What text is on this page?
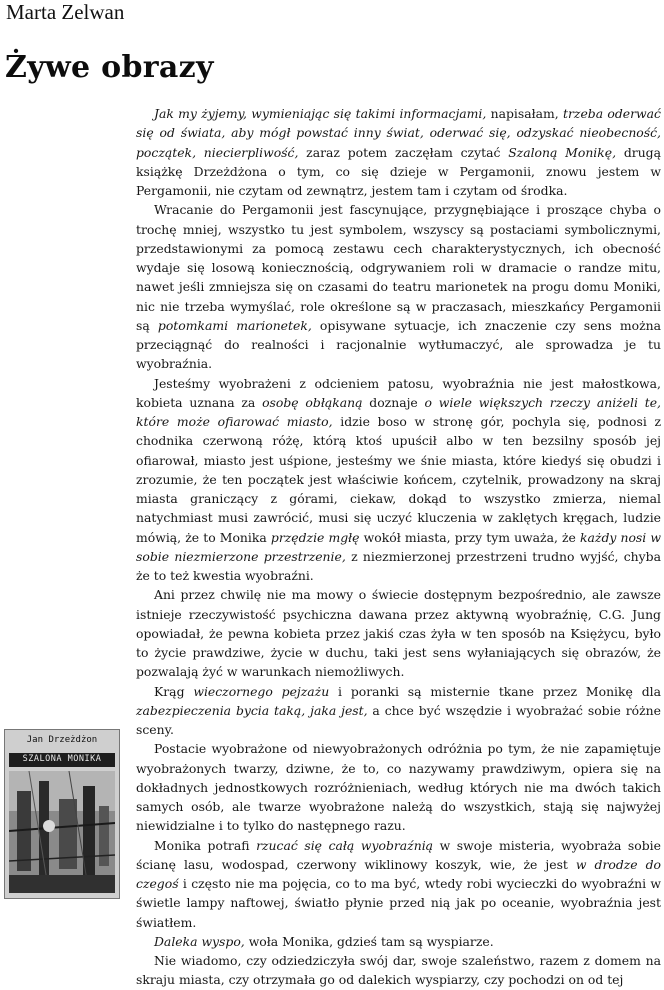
Marta Zelwan
Żywe obrazy

Jak my żyjemy, wymieniając się takimi informacjami, napisałam, trzeba oderwać się od świata, aby mógł powstać inny świat, oderwać się, odzyskać nieobecność, początek, niecierpliwość, zaraz potem zaczęłam czytać Szaloną Monikę, drugą książkę Drzeżdżona o tym, co się dzieje w Pergamonii, znowu jestem w Pergamonii, nie czytam od zewnątrz, jestem tam i czytam od środka.

Wracanie do Pergamonii jest fascynujące, przygnębiające i proszące chyba o trochę mniej, wszystko tu jest symbolem, wszyscy są postaciami symbolicznymi, przedstawionymi za pomocą zestawu cech charakterystycznych, ich obecność wydaje się losową koniecznością, odgrywaniem roli w dramacie o randze mitu, nawet jeśli zmniejsza się on czasami do teatru marionetek na progu domu Moniki, nic nie trzeba wymyślać, role określone są w praczasach, mieszkańcy Pergamonii są potomkami marionetek, opisywane sytuacje, ich znaczenie czy sens można przeciągnąć do realności i racjonalnie wytłumaczyć, ale sprowadza je tu wyobraźnia.

Jesteśmy wyobrażeni z odcieniem patosu, wyobraźnia nie jest małostkowa, kobieta uznana za osobę obłąkaną doznaje o wiele większych rzeczy aniżeli te, które może ofiarować miasto, idzie boso w stronę gór, pochyla się, podnosi z chodnika czerwoną różę, którą ktoś upuścił albo w ten bezsilny sposób jej ofiarował, miasto jest uśpione, jesteśmy we śnie miasta, które kiedyś się obudzi i zrozumie, że ten początek jest właściwie końcem, czytelnik, prowadzony na skraj miasta graniczący z górami, ciekaw, dokąd to wszystko zmierza, niemal natychmiast musi zawrócić, musi się uczyć kluczenia w zaklętych kręgach, ludzie mówią, że to Monika przędzie mgłę wokół miasta, przy tym uważa, że każdy nosi w sobie niezmierzone przestrzenie, z niezmierzonej przestrzeni trudno wyjść, chyba że to też kwestia wyobraźni.

Ani przez chwilę nie ma mowy o świecie dostępnym bezpośrednio, ale zawsze istnieje rzeczywistość psychiczna dawana przez aktywną wyobraźnię, C.G. Jung opowiadał, że pewna kobieta przez jakiś czas żyła w ten sposób na Księżycu, było to życie prawdziwe, życie w duchu, taki jest sens wyłaniających się obrazów, że pozwalają żyć w warunkach niemożliwych.

Krąg wieczornego pejzażu i poranki są misternie tkane przez Monikę dla zabezpieczenia bycia taką, jaka jest, a chce być wszędzie i wyobrażać sobie różne sceny.

Postacie wyobrażone od niewyobrażonych odróżnia po tym, że nie zapamiętuje wyobrażonych twarzy, dziwne, że to, co nazywamy prawdziwym, opiera się na dokładnych jednostkowych rozróżnieniach, według których nie ma dwóch takich samych osób, ale twarze wyobrażone należą do wszystkich, stają się najwyżej niewidzialne i to tylko do następnego razu.

Monika potrafi rzucać się całą wyobraźnią w swoje misteria, wyobraża sobie ścianę lasu, wodospad, czerwony wiklinowy koszyk, wie, że jest w drodze do czegoś i często nie ma pojęcia, co to ma być, wtedy robi wycieczki do wyobraźni w świetle lampy naftowej, światło płynie przed nią jak po oceanie, wyobraźnia jest światłem.

Daleka wyspo, woła Monika, gdzieś tam są wyspiarze.

Nie wiadomo, czy odziedziczyła swój dar, swoje szaleństwo, razem z domem na skraju miasta, czy otrzymała go od dalekich wyspiarzy, czy pochodzi on od tej

Jan Drzeżdżon
SZALONA MONIKA
